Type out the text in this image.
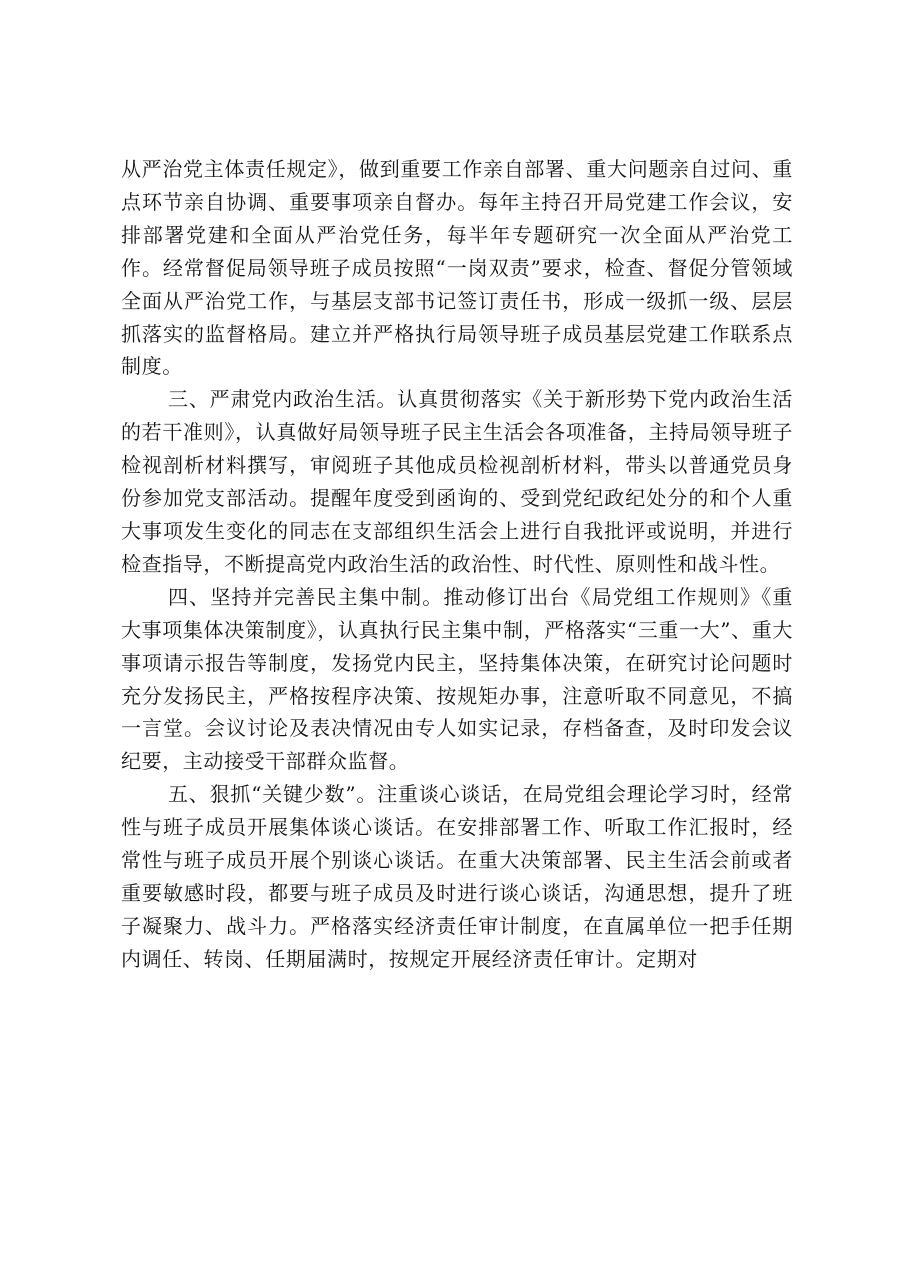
从严治党主体责任规定》，做到重要工作亲自部署、重大问题亲自过问、重点环节亲自协调、重要事项亲自督办。每年主持召开局党建工作会议，安排部署党建和全面从严治党任务，每半年专题研究一次全面从严治党工作。经常督促局领导班子成员按照“一岗双责”要求，检查、督促分管领域全面从严治党工作，与基层支部书记签订责任书，形成一级抓一级、层层抓落实的监督格局。建立并严格执行局领导班子成员基层党建工作联系点制度。

三、严肃党内政治生活。认真贯彻落实《关于新形势下党内政治生活的若干准则》，认真做好局领导班子民主生活会各项准备，主持局领导班子检视剖析材料撰写，审阅班子其他成员检视剖析材料，带头以普通党员身份参加党支部活动。提醒年度受到函询的、受到党纪政纪处分的和个人重大事项发生变化的同志在支部组织生活会上进行自我批评或说明，并进行检查指导，不断提高党内政治生活的政治性、时代性、原则性和战斗性。

四、坚持并完善民主集中制。推动修订出台《局党组工作规则》《重大事项集体决策制度》，认真执行民主集中制，严格落实“三重一大”、重大事项请示报告等制度，发扬党内民主，坚持集体决策，在研究讨论问题时充分发扬民主，严格按程序决策、按规矩办事，注意听取不同意见，不搞一言堂。会议讨论及表决情况由专人如实记录，存档备查，及时印发会议纪要，主动接受干部群众监督。

五、狠抓“关键少数”。注重谈心谈话，在局党组会理论学习时，经常性与班子成员开展集体谈心谈话。在安排部署工作、听取工作汇报时，经常性与班子成员开展个别谈心谈话。在重大决策部署、民主生活会前或者重要敏感时段，都要与班子成员及时进行谈心谈话，沟通思想，提升了班子凝聚力、战斗力。严格落实经济责任审计制度，在直属单位一把手任期内调任、转岗、任期届满时，按规定开展经济责任审计。定期对
